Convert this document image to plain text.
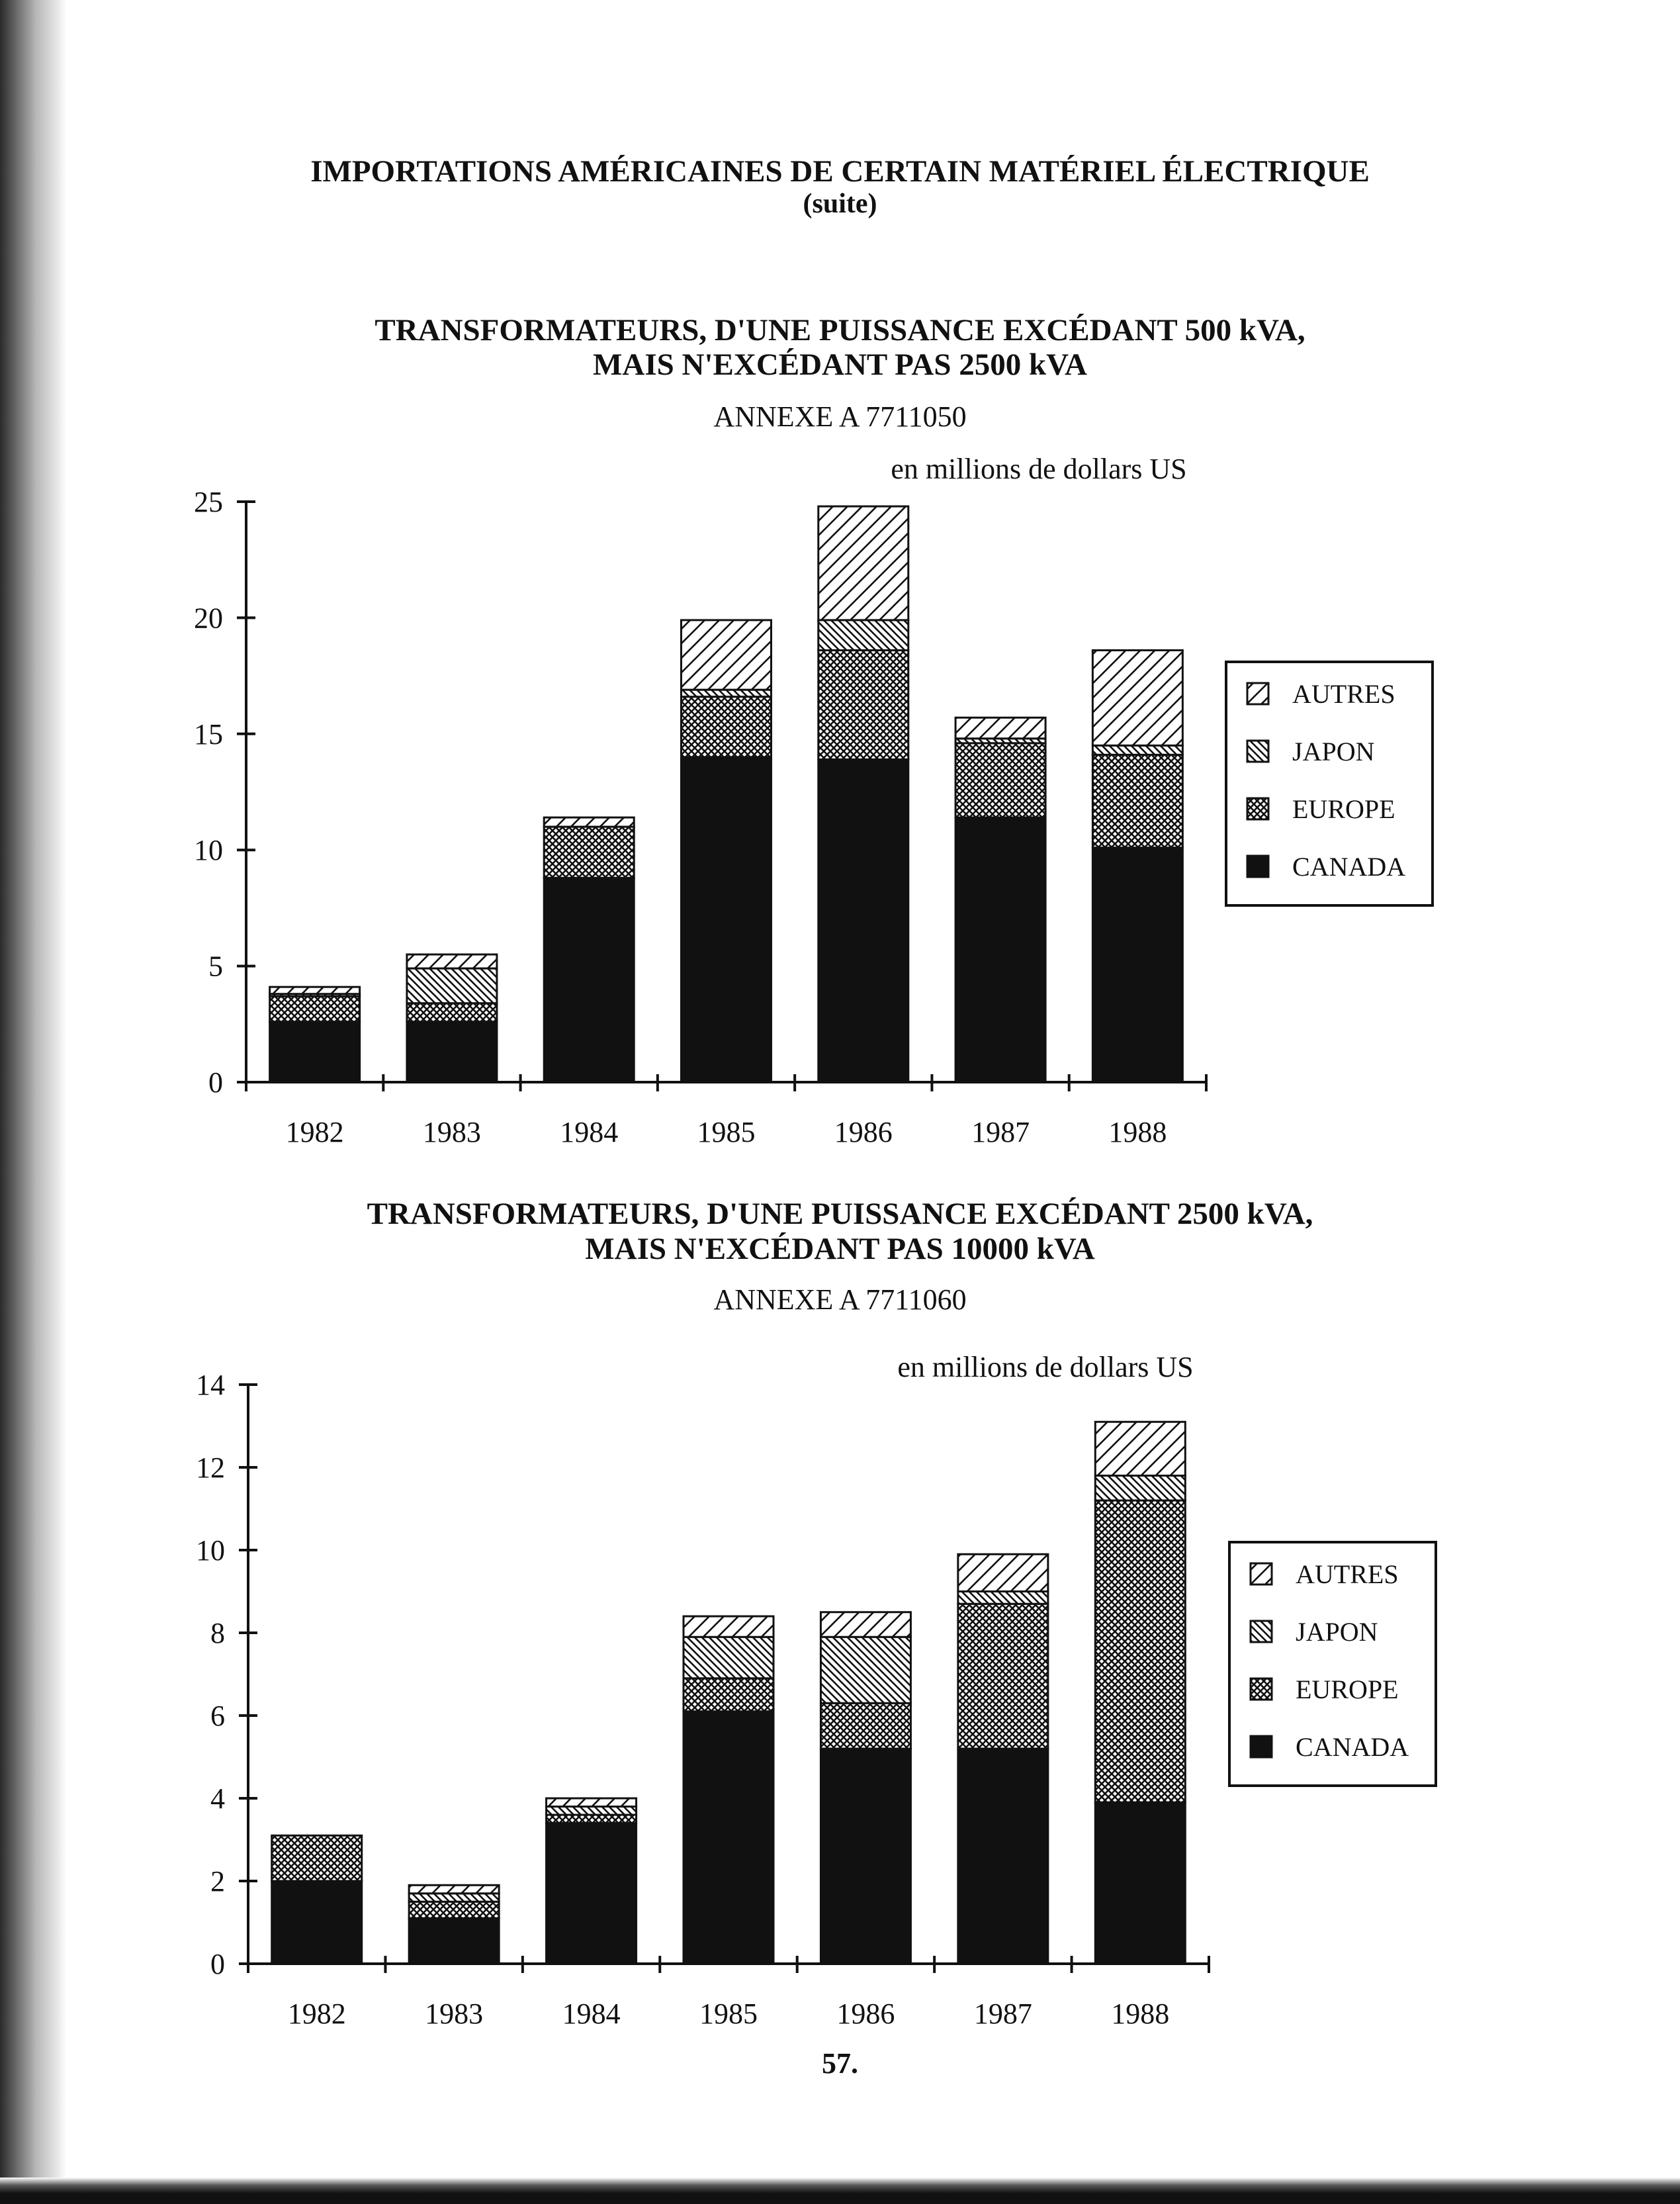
IMPORTATIONS AMÉRICAINES DE CERTAIN MATÉRIEL ÉLECTRIQUE
(suite)
TRANSFORMATEURS, D'UNE PUISSANCE EXCÉDANT 500 kVA,
MAIS N'EXCÉDANT PAS 2500 kVA
ANNEXE A 7711050
en millions de dollars US
0
5
10
15
20
25
1982	1983	1984	1985	1986	1987	1988
AUTRES
JAPON
EUROPE
CANADA
TRANSFORMATEURS, D'UNE PUISSANCE EXCÉDANT 2500 kVA,
MAIS N'EXCÉDANT PAS 10000 kVA
ANNEXE A 7711060
en millions de dollars US
0
2
4
6
8
10
12
14
1982	1983	1984	1985	1986	1987	1988
AUTRES
JAPON
EUROPE
CANADA
57.
